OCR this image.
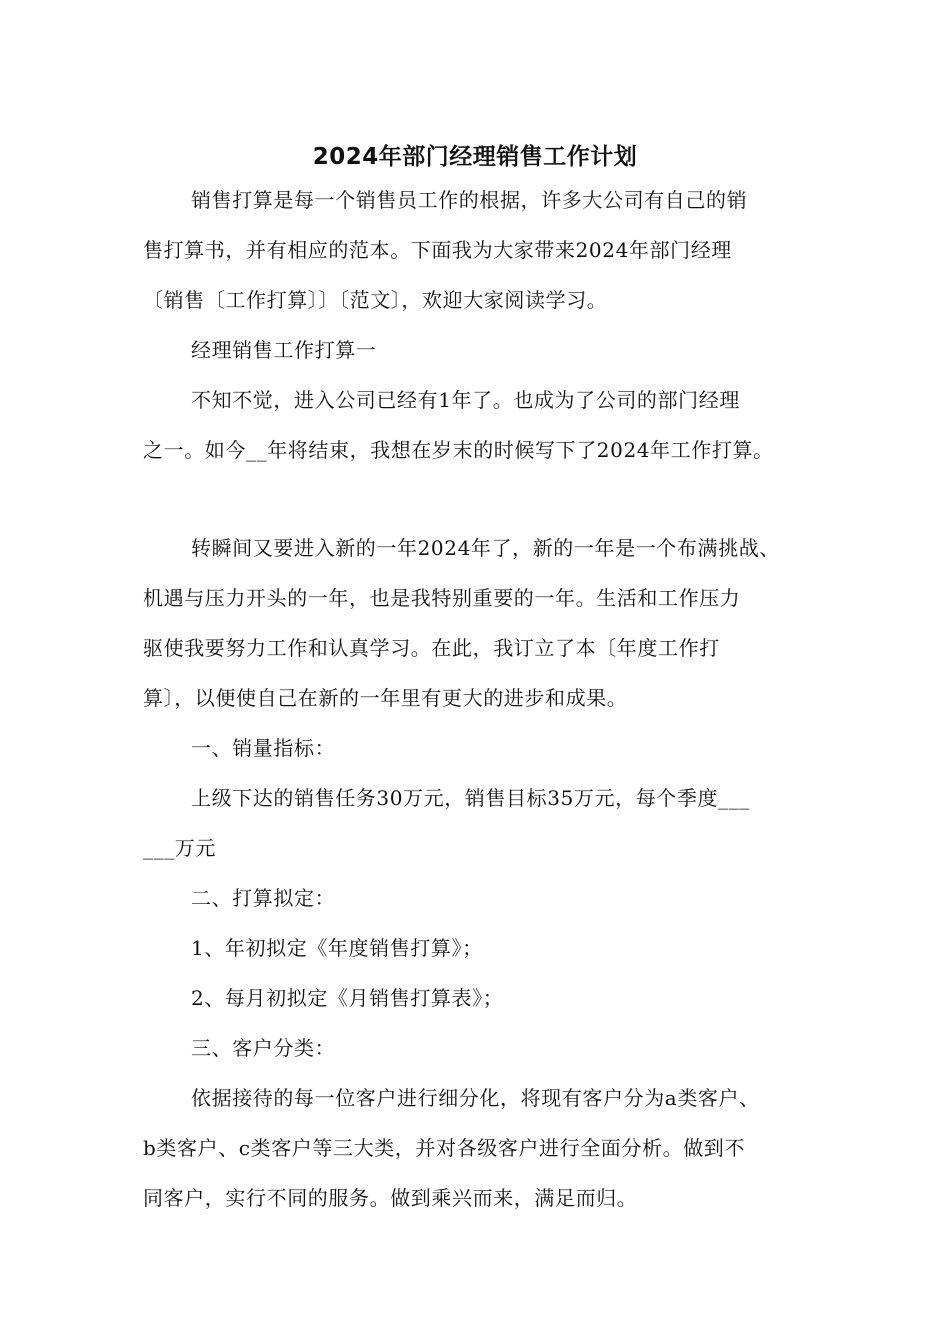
2024年部门经理销售工作计划
销售打算是每一个销售员工作的根据，许多大公司有自己的销
售打算书，并有相应的范本。下面我为大家带来2024年部门经理
〔销售〔工作打算〕〕〔范文〕，欢迎大家阅读学习。
经理销售工作打算一
不知不觉，进入公司已经有1年了。也成为了公司的部门经理
之一。如今__年将结束，我想在岁末的时候写下了2024年工作打算。
转瞬间又要进入新的一年2024年了，新的一年是一个布满挑战、
机遇与压力开头的一年，也是我特别重要的一年。生活和工作压力
驱使我要努力工作和认真学习。在此，我订立了本〔年度工作打
算〕，以便使自己在新的一年里有更大的进步和成果。
一、销量指标：
上级下达的销售任务30万元，销售目标35万元，每个季度___
___万元
二、打算拟定：
1、年初拟定《年度销售打算》；
2、每月初拟定《月销售打算表》；
三、客户分类：
依据接待的每一位客户进行细分化，将现有客户分为a类客户、
b类客户、c类客户等三大类，并对各级客户进行全面分析。做到不
同客户，实行不同的服务。做到乘兴而来，满足而归。
